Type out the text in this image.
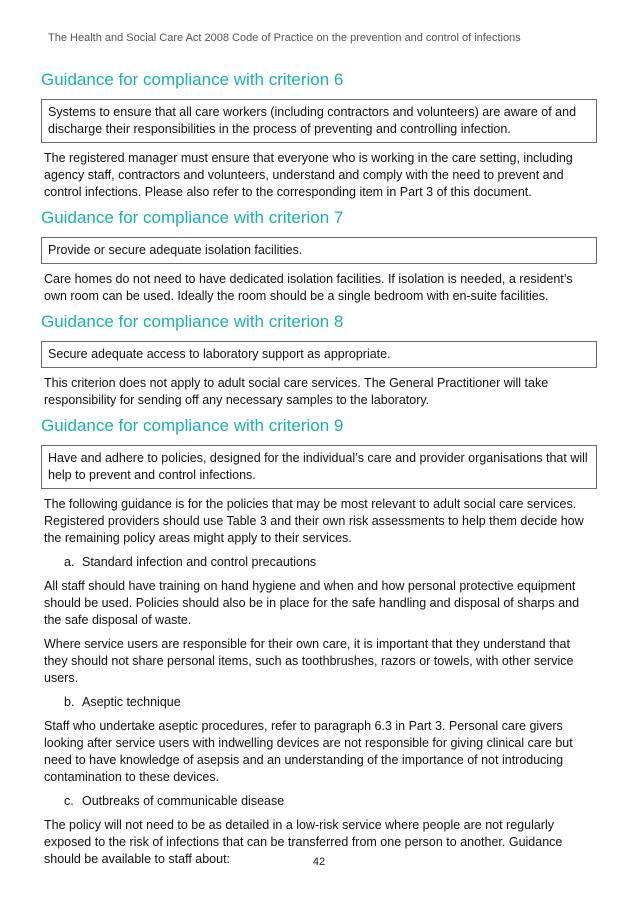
The Health and Social Care Act 2008 Code of Practice on the prevention and control of infections
Guidance for compliance with criterion 6
Systems to ensure that all care workers (including contractors and volunteers) are aware of and discharge their responsibilities in the process of preventing and controlling infection.
The registered manager must ensure that everyone who is working in the care setting, including agency staff, contractors and volunteers, understand and comply with the need to prevent and control infections. Please also refer to the corresponding item in Part 3 of this document.
Guidance for compliance with criterion 7
Provide or secure adequate isolation facilities.
Care homes do not need to have dedicated isolation facilities. If isolation is needed, a resident’s own room can be used. Ideally the room should be a single bedroom with en-suite facilities.
Guidance for compliance with criterion 8
Secure adequate access to laboratory support as appropriate.
This criterion does not apply to adult social care services. The General Practitioner will take responsibility for sending off any necessary samples to the laboratory.
Guidance for compliance with criterion 9
Have and adhere to policies, designed for the individual’s care and provider organisations that will help to prevent and control infections.
The following guidance is for the policies that may be most relevant to adult social care services. Registered providers should use Table 3 and their own risk assessments to help them decide how the remaining policy areas might apply to their services.
a. Standard infection and control precautions
All staff should have training on hand hygiene and when and how personal protective equipment should be used. Policies should also be in place for the safe handling and disposal of sharps and the safe disposal of waste.
Where service users are responsible for their own care, it is important that they understand that they should not share personal items, such as toothbrushes, razors or towels, with other service users.
b. Aseptic technique
Staff who undertake aseptic procedures, refer to paragraph 6.3 in Part 3. Personal care givers looking after service users with indwelling devices are not responsible for giving clinical care but need to have knowledge of asepsis and an understanding of the importance of not introducing contamination to these devices.
c. Outbreaks of communicable disease
The policy will not need to be as detailed in a low-risk service where people are not regularly exposed to the risk of infections that can be transferred from one person to another. Guidance should be available to staff about:	42
